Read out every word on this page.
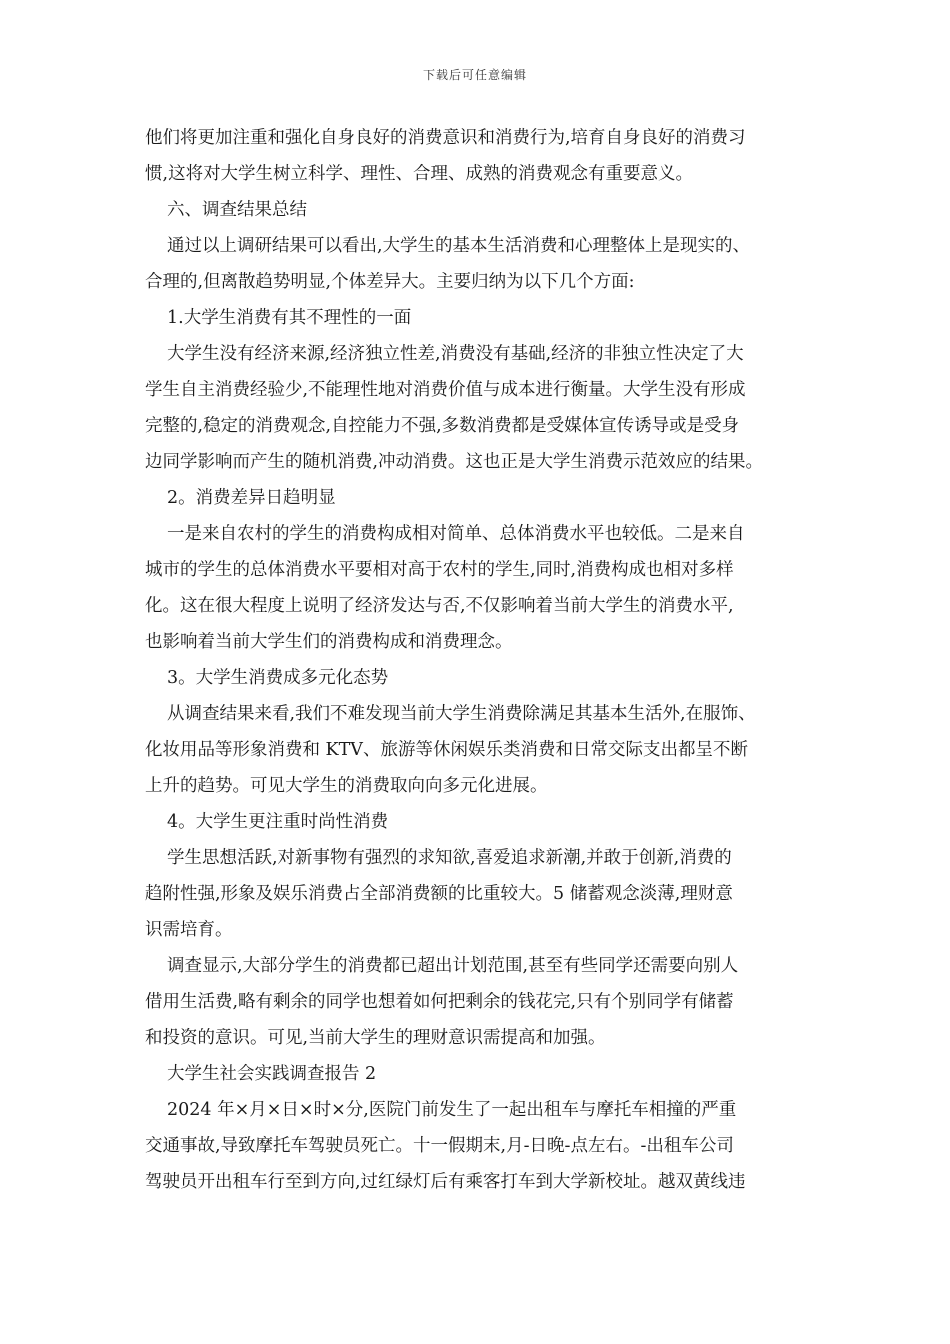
下载后可任意编辑
他们将更加注重和强化自身良好的消费意识和消费行为,培育自身良好的消费习
惯,这将对大学生树立科学、理性、合理、成熟的消费观念有重要意义。
六、调查结果总结
通过以上调研结果可以看出,大学生的基本生活消费和心理整体上是现实的、
合理的,但离散趋势明显,个体差异大。主要归纳为以下几个方面:
1.大学生消费有其不理性的一面
大学生没有经济来源,经济独立性差,消费没有基础,经济的非独立性决定了大
学生自主消费经验少,不能理性地对消费价值与成本进行衡量。大学生没有形成
完整的,稳定的消费观念,自控能力不强,多数消费都是受媒体宣传诱导或是受身
边同学影响而产生的随机消费,冲动消费。这也正是大学生消费示范效应的结果。
2。消费差异日趋明显
一是来自农村的学生的消费构成相对简单、总体消费水平也较低。二是来自
城市的学生的总体消费水平要相对高于农村的学生,同时,消费构成也相对多样
化。这在很大程度上说明了经济发达与否,不仅影响着当前大学生的消费水平,
也影响着当前大学生们的消费构成和消费理念。
3。大学生消费成多元化态势
从调查结果来看,我们不难发现当前大学生消费除满足其基本生活外,在服饰、
化妆用品等形象消费和 KTV、旅游等休闲娱乐类消费和日常交际支出都呈不断
上升的趋势。可见大学生的消费取向向多元化进展。
4。大学生更注重时尚性消费
学生思想活跃,对新事物有强烈的求知欲,喜爱追求新潮,并敢于创新,消费的
趋附性强,形象及娱乐消费占全部消费额的比重较大。5 储蓄观念淡薄,理财意
识需培育。
调查显示,大部分学生的消费都已超出计划范围,甚至有些同学还需要向别人
借用生活费,略有剩余的同学也想着如何把剩余的钱花完,只有个别同学有储蓄
和投资的意识。可见,当前大学生的理财意识需提高和加强。
大学生社会实践调查报告 2
2024 年×月×日×时×分,医院门前发生了一起出租车与摩托车相撞的严重
交通事故,导致摩托车驾驶员死亡。十一假期末,月-日晚-点左右。-出租车公司
驾驶员开出租车行至到方向,过红绿灯后有乘客打车到大学新校址。越双黄线违
